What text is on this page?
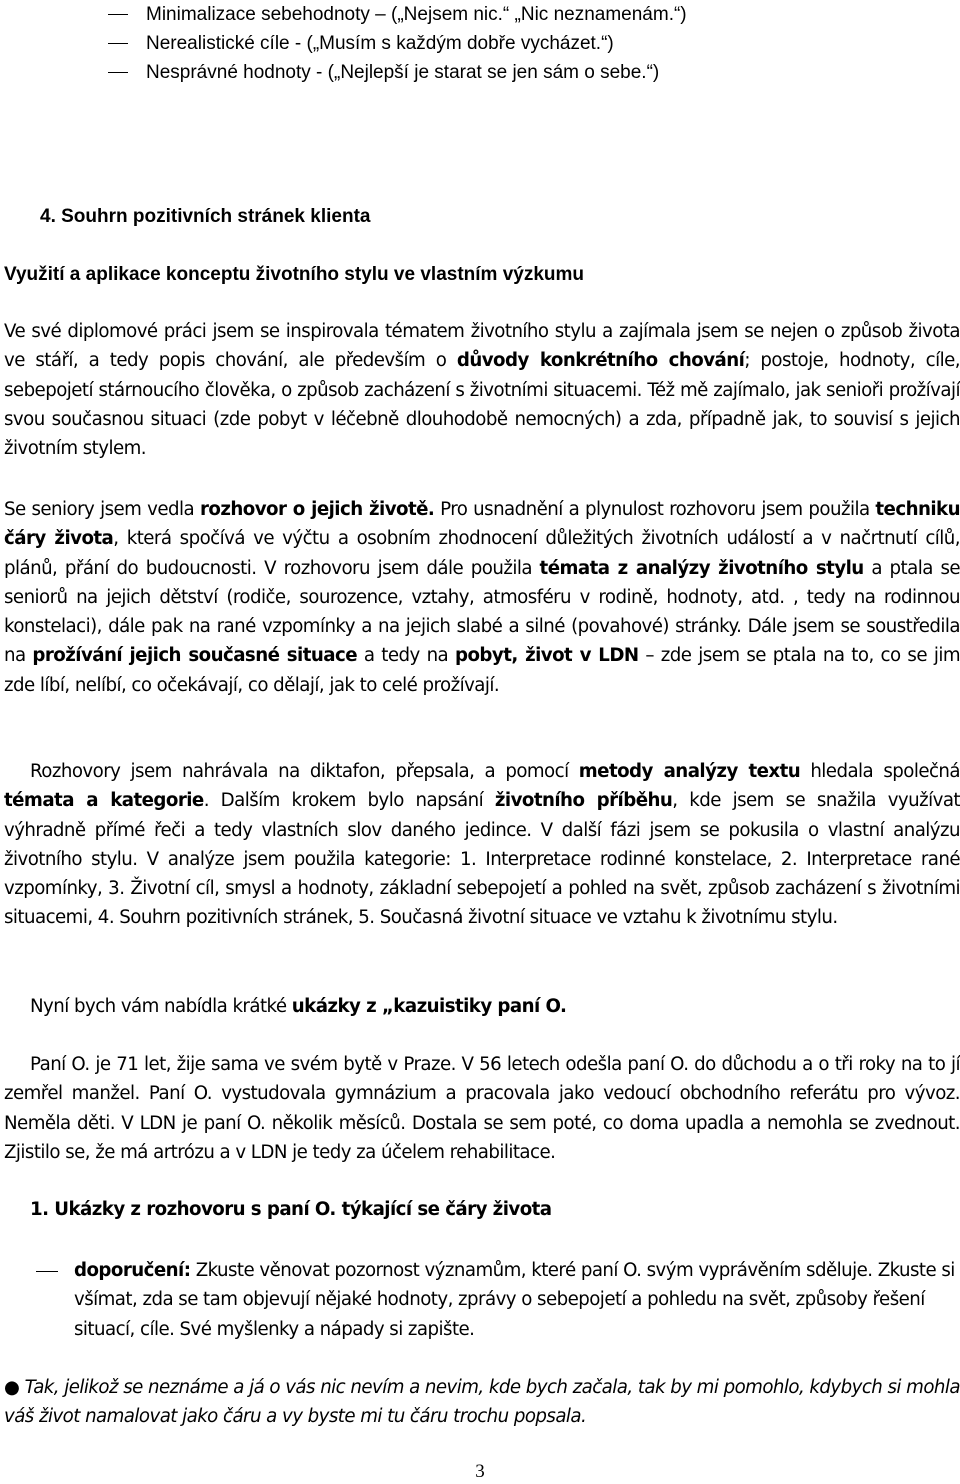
Minimalizace sebehodnoty – („Nejsem nic.“ „Nic neznamenám.“)
Nerealistické cíle - („Musím s každým dobře vycházet.“)
Nesprávné hodnoty - („Nejlepší je starat se jen sám o sebe.“)
4. Souhrn pozitivních stránek klienta
Využití a aplikace konceptu životního stylu ve vlastním výzkumu

Ve své diplomové práci jsem se inspirovala tématem životního stylu a zajímala jsem se nejen o způsob života ve stáří, a tedy popis chování, ale především o důvody konkrétního chování; postoje, hodnoty, cíle, sebepojetí stárnoucího člověka, o způsob zacházení s životními situacemi. Též mě zajímalo, jak senioři prožívají svou současnou situaci (zde pobyt v léčebně dlouhodobě nemocných) a zda, případně jak, to souvisí s jejich životním stylem.

Se seniory jsem vedla rozhovor o jejich životě. Pro usnadnění a plynulost rozhovoru jsem použila techniku čáry života, která spočívá ve výčtu a osobním zhodnocení důležitých životních událostí a v načrtnutí cílů, plánů, přání do budoucnosti. V rozhovoru jsem dále použila témata z analýzy životního stylu a ptala se seniorů na jejich dětství (rodiče, sourozence, vztahy, atmosféru v rodině, hodnoty, atd. , tedy na rodinnou konstelaci), dále pak na rané vzpomínky a na jejich slabé a silné (povahové) stránky. Dále jsem se soustředila na prožívání jejich současné situace a tedy na pobyt, život v LDN – zde jsem se ptala na to, co se jim zde líbí, nelíbí, co očekávají, co dělají, jak to celé prožívají.

Rozhovory jsem nahrávala na diktafon, přepsala, a pomocí metody analýzy textu hledala společná témata a kategorie. Dalším krokem bylo napsání životního příběhu, kde jsem se snažila využívat výhradně přímé řeči a tedy vlastních slov daného jedince. V další fázi jsem se pokusila o vlastní analýzu životního stylu. V analýze jsem použila kategorie: 1. Interpretace rodinné konstelace, 2. Interpretace rané vzpomínky, 3. Životní cíl, smysl a hodnoty, základní sebepojetí a pohled na svět, způsob zacházení s životními situacemi, 4. Souhrn pozitivních stránek, 5. Současná životní situace ve vztahu k životnímu stylu.

Nyní bych vám nabídla krátké ukázky z „kazuistiky paní O.

Paní O. je 71 let, žije sama ve svém bytě v Praze. V 56 letech odešla paní O. do důchodu a o tři roky na to jí zemřel manžel. Paní O. vystudovala gymnázium a pracovala jako vedoucí obchodního referátu pro vývoz. Neměla děti. V LDN je paní O. několik měsíců. Dostala se sem poté, co doma upadla a nemohla se zvednout. Zjistilo se, že má artrózu a v LDN je tedy za účelem rehabilitace.

1. Ukázky z rozhovoru s paní O. týkající se čáry života

doporučení: Zkuste věnovat pozornost významům, které paní O. svým vyprávěním sděluje. Zkuste si všímat, zda se tam objevují nějaké hodnoty, zprávy o sebepojetí a pohledu na svět, způsoby řešení situací, cíle. Své myšlenky a nápady si zapište.

● Tak, jelikož se neznáme a já o vás nic nevím a nevim, kde bych začala, tak by mi pomohlo, kdybych si mohla váš život namalovat jako čáru a vy byste mi tu čáru trochu popsala.

3
